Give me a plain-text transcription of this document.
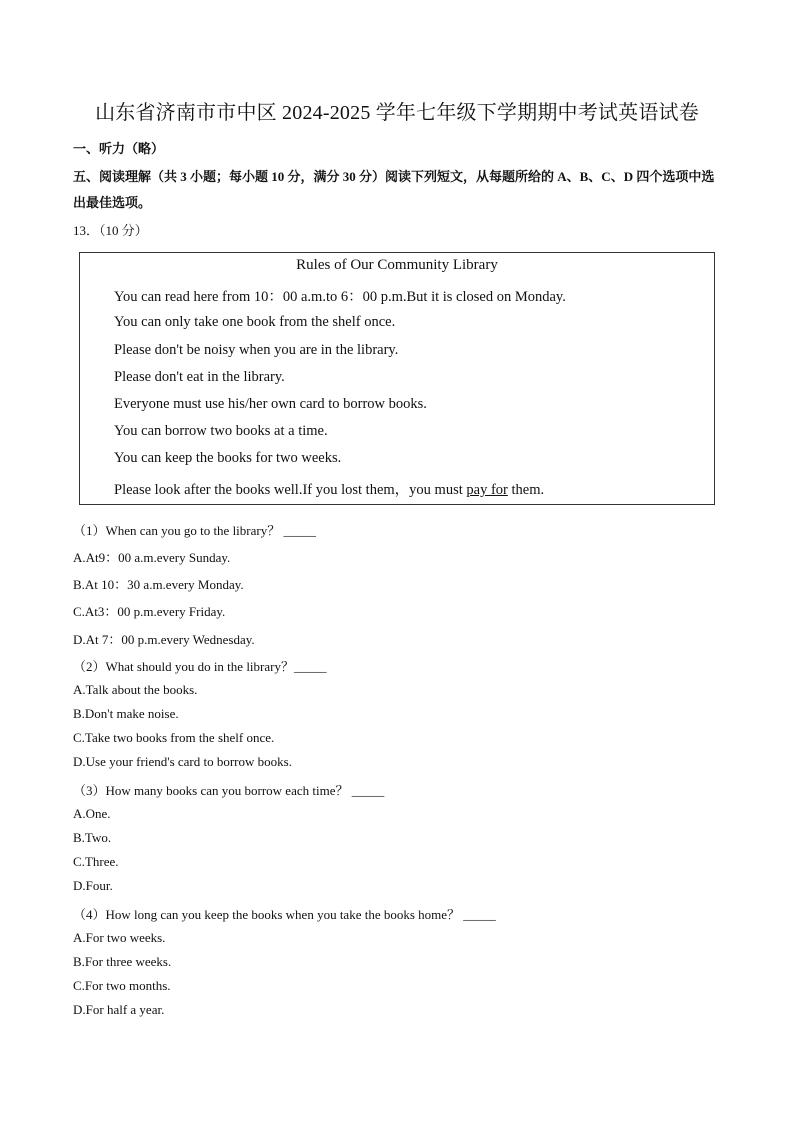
山东省济南市市中区 2024-2025 学年七年级下学期期中考试英语试卷
一、听力（略）
五、阅读理解（共 3 小题；每小题 10 分，满分 30 分）阅读下列短文，从每题所给的 A、B、C、D 四个选项中选出最佳选项。
13．（10 分）
Rules of Our Community Library
You can read here from 10：00 a.m.to 6：00 p.m.But it is closed on Monday.
You can only take one book from the shelf once.
Please don't be noisy when you are in the library.
Please don't eat in the library.
Everyone must use his/her own card to borrow books.
You can borrow two books at a time.
You can keep the books for two weeks.
Please look after the books well.If you lost them，you must pay for them.
（1）When can you go to the library？ _____
A.At9：00 a.m.every Sunday.
B.At 10：30 a.m.every Monday.
C.At3：00 p.m.every Friday.
D.At 7：00 p.m.every Wednesday.
（2）What should you do in the library？_____
A.Talk about the books.
B.Don't make noise.
C.Take two books from the shelf once.
D.Use your friend's card to borrow books.
（3）How many books can you borrow each time？ _____
A.One.
B.Two.
C.Three.
D.Four.
（4）How long can you keep the books when you take the books home？ _____
A.For two weeks.
B.For three weeks.
C.For two months.
D.For half a year.
